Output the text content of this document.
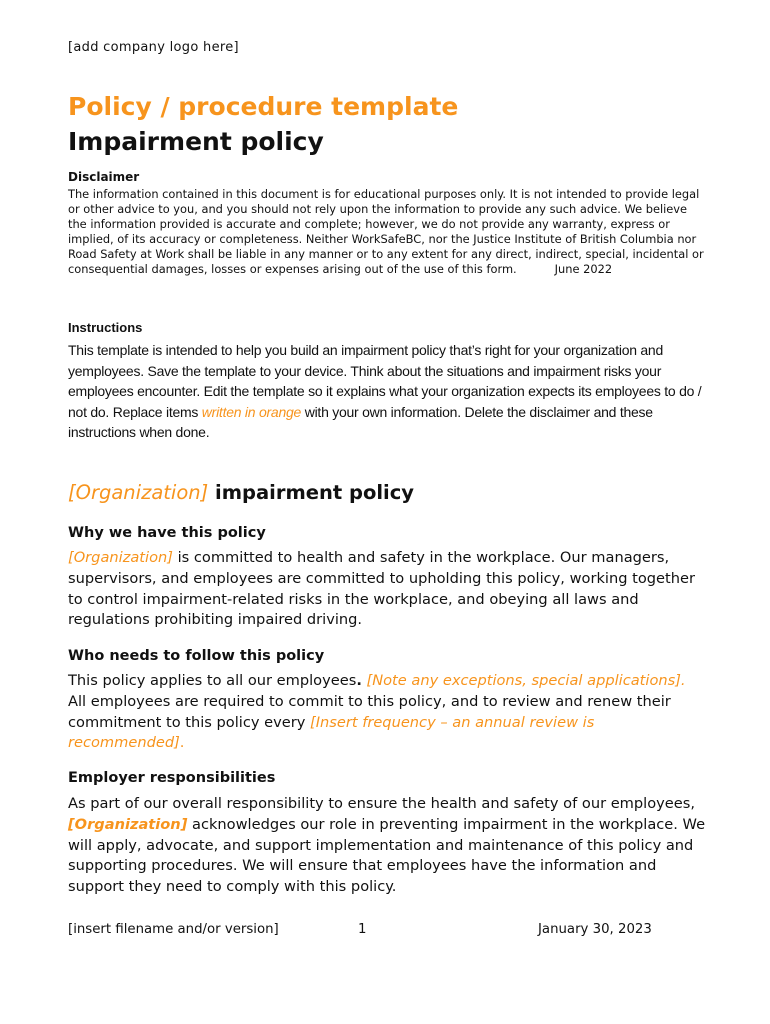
[add company logo here]
Policy / procedure template
Impairment policy
Disclaimer
The information contained in this document is for educational purposes only. It is not intended to provide legal or other advice to you, and you should not rely upon the information to provide any such advice. We believe the information provided is accurate and complete; however, we do not provide any warranty, express or implied, of its accuracy or completeness. Neither WorkSafeBC, nor the Justice Institute of British Columbia nor Road Safety at Work shall be liable in any manner or to any extent for any direct, indirect, special, incidental or consequential damages, losses or expenses arising out of the use of this form.	June 2022
Instructions
This template is intended to help you build an impairment policy that’s right for your organization and yemployees. Save the template to your device. Think about the situations and impairment risks your employees encounter. Edit the template so it explains what your organization expects its employees to do / not do. Replace items written in orange with your own information. Delete the disclaimer and these instructions when done.
[Organization] impairment policy
Why we have this policy
[Organization] is committed to health and safety in the workplace. Our managers, supervisors, and employees are committed to upholding this policy, working together to control impairment-related risks in the workplace, and obeying all laws and regulations prohibiting impaired driving.
Who needs to follow this policy
This policy applies to all our employees. [Note any exceptions, special applications]. All employees are required to commit to this policy, and to review and renew their commitment to this policy every [Insert frequency – an annual review is recommended].
Employer responsibilities
As part of our overall responsibility to ensure the health and safety of our employees, [Organization] acknowledges our role in preventing impairment in the workplace. We will apply, advocate, and support implementation and maintenance of this policy and supporting procedures. We will ensure that employees have the information and support they need to comply with this policy.
[insert filename and/or version]	1	January 30, 2023
